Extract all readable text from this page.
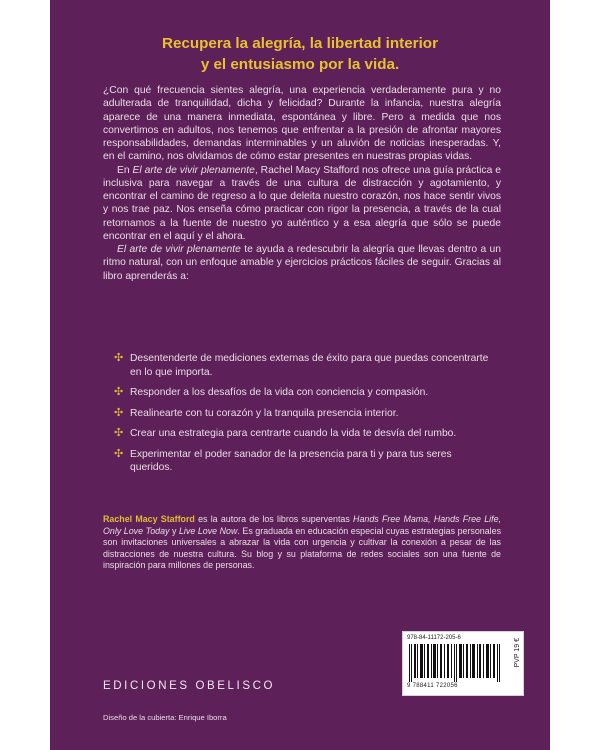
Recupera la alegría, la libertad interior
y el entusiasmo por la vida.

¿Con qué frecuencia sientes alegría, una experiencia verdaderamente pura y no adulterada de tranquilidad, dicha y felicidad? Durante la infancia, nuestra alegría aparece de una manera inmediata, espontánea y libre. Pero a medida que nos convertimos en adultos, nos tenemos que enfrentar a la presión de afrontar mayores responsabilidades, demandas interminables y un aluvión de noticias inesperadas. Y, en el camino, nos olvidamos de cómo estar presentes en nuestras propias vidas.

En El arte de vivir plenamente, Rachel Macy Stafford nos ofrece una guía práctica e inclusiva para navegar a través de una cultura de distracción y agotamiento, y encontrar el camino de regreso a lo que deleita nuestro corazón, nos hace sentir vivos y nos trae paz. Nos enseña cómo practicar con rigor la presencia, a través de la cual retornamos a la fuente de nuestro yo auténtico y a esa alegría que sólo se puede encontrar en el aquí y el ahora.

El arte de vivir plenamente te ayuda a redescubrir la alegría que llevas dentro a un ritmo natural, con un enfoque amable y ejercicios prácticos fáciles de seguir. Gracias al libro aprenderás a:

✣ Desentenderte de mediciones externas de éxito para que puedas concentrarte en lo que importa.
✣ Responder a los desafíos de la vida con conciencia y compasión.
✣ Realinearte con tu corazón y la tranquila presencia interior.
✣ Crear una estrategia para centrarte cuando la vida te desvía del rumbo.
✣ Experimentar el poder sanador de la presencia para ti y para tus seres queridos.
Rachel Macy Stafford es la autora de los libros superventas Hands Free Mama, Hands Free Life, Only Love Today y Live Love Now. Es graduada en educación especial cuyas estrategias personales son invitaciones universales a abrazar la vida con urgencia y cultivar la conexión a pesar de las distracciones de nuestra cultura. Su blog y su plataforma de redes sociales son una fuente de inspiración para millones de personas.
EDICIONES OBELISCO
Diseño de la cubierta: Enrique Iborra
978-84-11172-205-6
9 788411 722056
PVP 19 €
